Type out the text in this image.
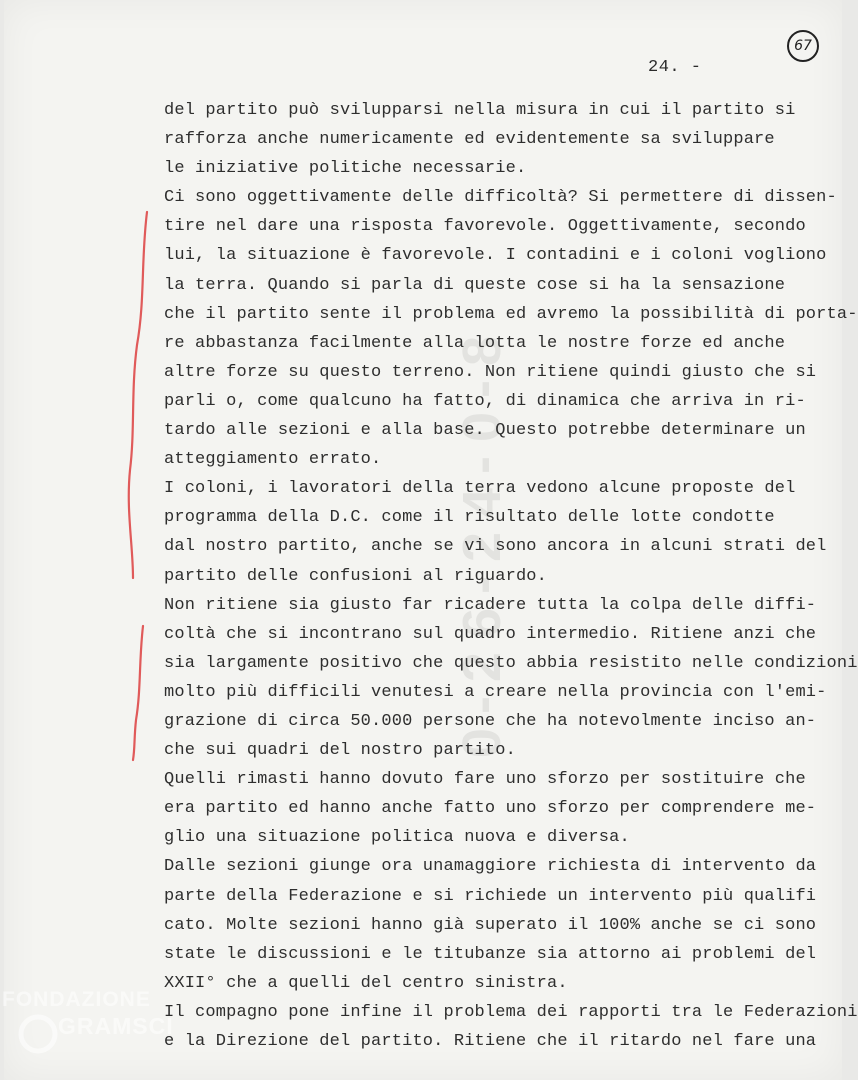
24. -
67
del partito può svilupparsi nella misura in cui il partito si
rafforza anche numericamente ed evidentemente sa sviluppare
le iniziative politiche necessarie.
Ci sono oggettivamente delle difficoltà? Si permettere di dissen-
tire nel dare una risposta favorevole. Oggettivamente, secondo
lui, la situazione è favorevole. I contadini e i coloni vogliono
la terra. Quando si parla di queste cose si ha la sensazione
che il partito sente il problema ed avremo la possibilità di porta-
re abbastanza facilmente alla lotta le nostre forze ed anche
altre forze su questo terreno. Non ritiene quindi giusto che si
parli o, come qualcuno ha fatto, di dinamica che arriva in ri-
tardo alle sezioni e alla base. Questo potrebbe determinare un
atteggiamento errato.
I coloni, i lavoratori della terra vedono alcune proposte del
programma della D.C. come il risultato delle lotte condotte
dal nostro partito, anche se vi sono ancora in alcuni strati del
partito delle confusioni al riguardo.
Non ritiene sia giusto far ricadere tutta la colpa delle diffi-
coltà che si incontrano sul quadro intermedio. Ritiene anzi che
sia largamente positivo che questo abbia resistito nelle condizioni
molto più difficili venutesi a creare nella provincia con l'emi-
grazione di circa 50.000 persone che ha notevolmente inciso an-
che sui quadri del nostro partito.
Quelli rimasti hanno dovuto fare uno sforzo per sostituire che
era partito ed hanno anche fatto uno sforzo per comprendere me-
glio una situazione politica nuova e diversa.
Dalle sezioni giunge ora unamaggiore richiesta di intervento da
parte della Federazione e si richiede un intervento più qualifi
cato. Molte sezioni hanno già superato il 100% anche se ci sono
state le discussioni e le titubanze sia attorno ai problemi del
XXII° che a quelli del centro sinistra.
Il compagno pone infine il problema dei rapporti tra le Federazioni
e la Direzione del partito. Ritiene che il ritardo nel fare una
FONDAZIONE
GRAMSCI
